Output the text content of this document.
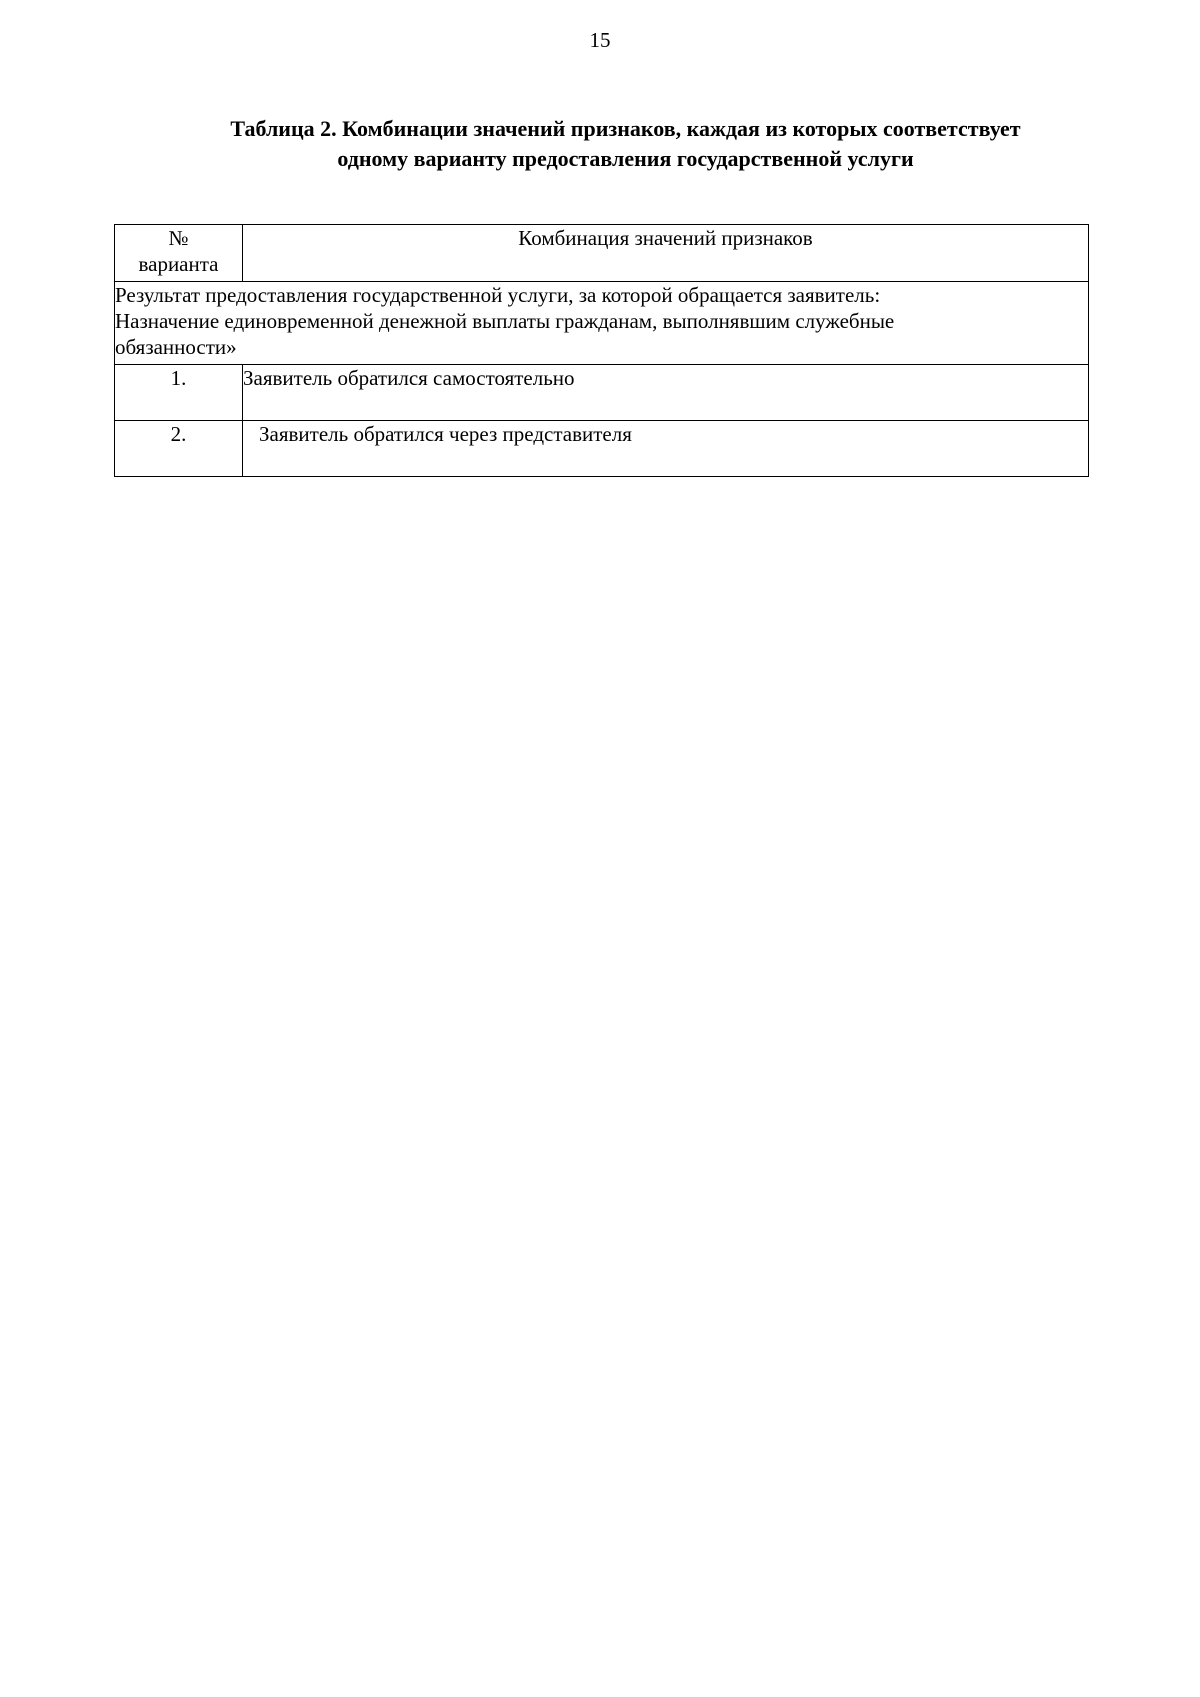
15
Таблица 2. Комбинации значений признаков, каждая из которых соответствует
одному варианту предоставления государственной услуги
№
варианта	Комбинация значений признаков

Результат предоставления государственной услуги, за которой обращается заявитель:
Назначение единовременной денежной выплаты гражданам, выполнявшим служебные
обязанности»	

1.	Заявитель обратился самостоятельно
2.	Заявитель обратился через представителя
